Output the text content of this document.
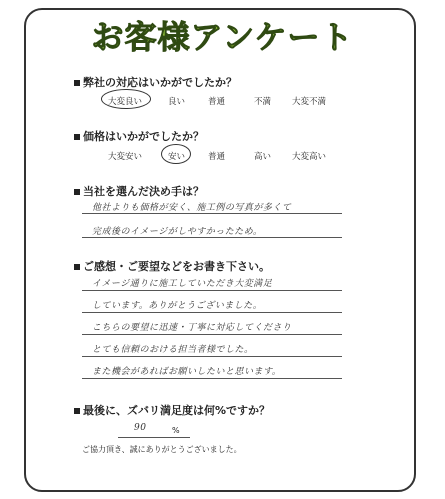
お客様アンケート
弊社の対応はいかがでしたか？
大変良い	良い	普通	不満 大変不満
価格はいかがでしたか？
大変安い	安い	普通	高い 大変高い
当社を選んだ決め手は？
他社よりも価格が安く、施工例の写真が多くて
完成後のイメージがしやすかったため。
ご感想・ご要望などをお書き下さい。
イメージ通りに施工していただき大変満足
しています。ありがとうございました。
こちらの要望に迅速・丁寧に対応してくださり
とても信頼のおける担当者様でした。
また機会があればお願いしたいと思います。
最後に、ズバリ満足度は何%ですか？
90	%
ご協力頂き、誠にありがとうございました。
